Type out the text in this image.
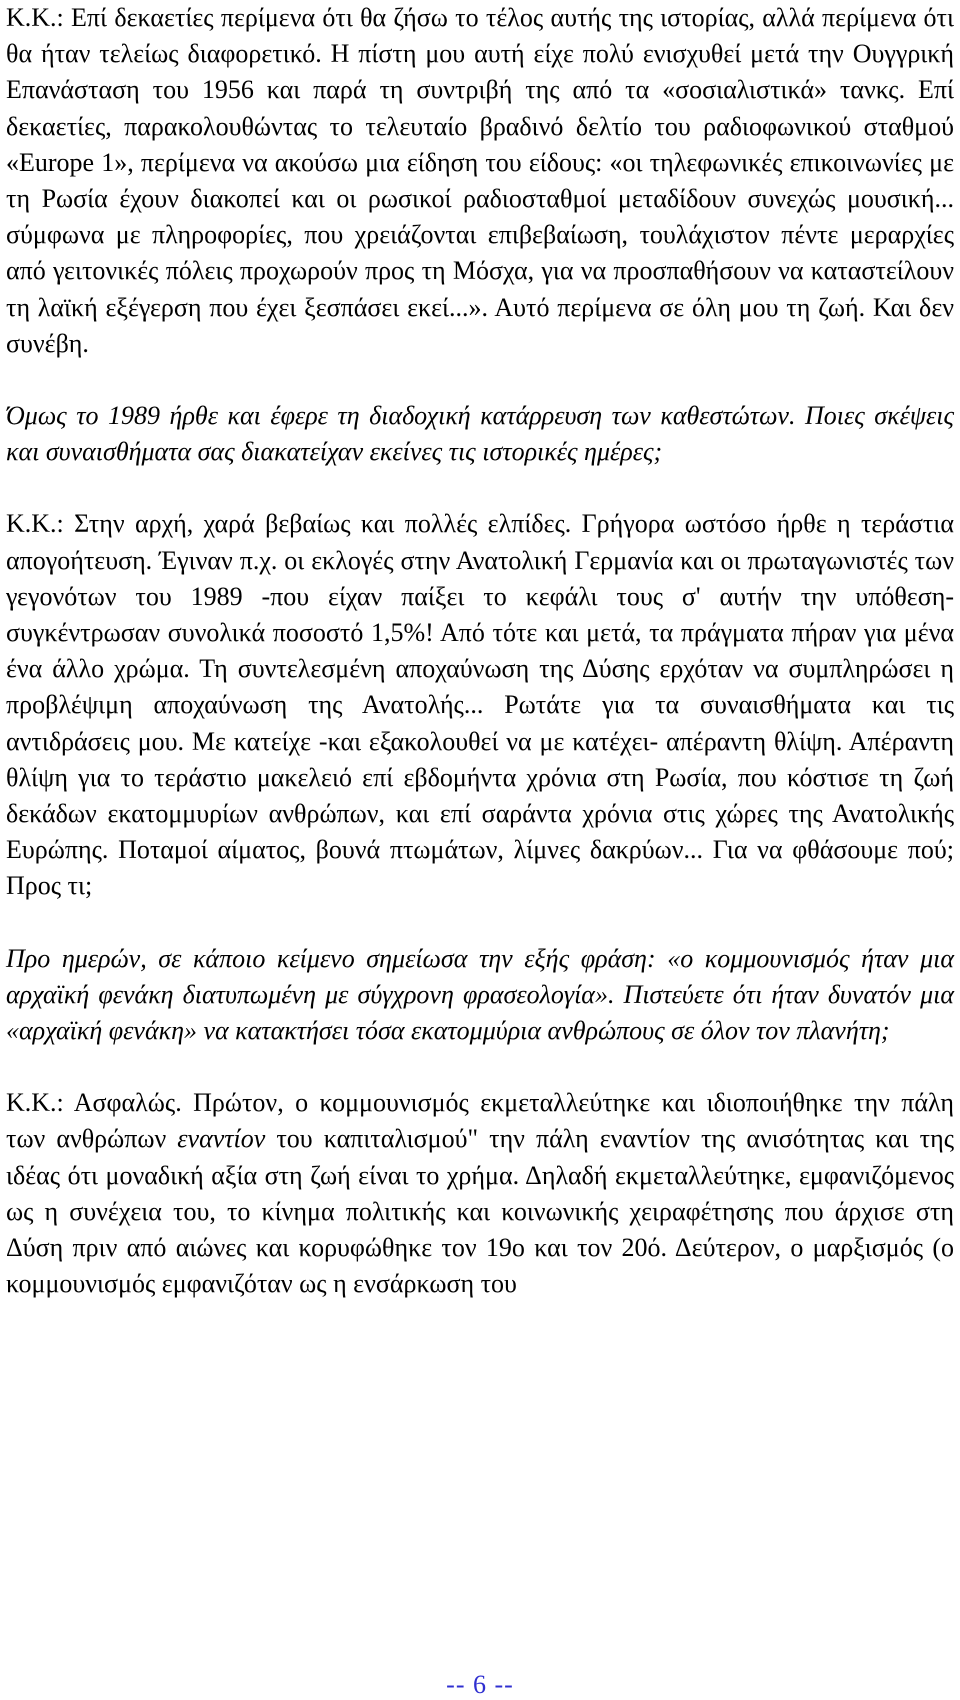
Κ.Κ.: Επί δεκαετίες περίμενα ότι θα ζήσω το τέλος αυτής της ιστορίας, αλλά περίμενα ότι θα ήταν τελείως διαφορετικό. Η πίστη μου αυτή είχε πολύ ενισχυθεί μετά την Ουγγρική Επανάσταση του 1956 και παρά τη συντριβή της από τα «σοσιαλιστικά» τανκς. Επί δεκαετίες, παρακολουθώντας το τελευταίο βραδινό δελτίο του ραδιοφωνικού σταθμού «Europe 1», περίμενα να ακούσω μια είδηση του είδους: «οι τηλεφωνικές επικοινωνίες με τη Ρωσία έχουν διακοπεί και οι ρωσικοί ραδιοσταθμοί μεταδίδουν συνεχώς μουσική... σύμφωνα με πληροφορίες, που χρειάζονται επιβεβαίωση, τουλάχιστον πέντε μεραρχίες από γειτονικές πόλεις προχωρούν προς τη Μόσχα, για να προσπαθήσουν να καταστείλουν τη λαϊκή εξέγερση που έχει ξεσπάσει εκεί...». Αυτό περίμενα σε όλη μου τη ζωή. Και δεν συνέβη.

Όμως το 1989 ήρθε και έφερε τη διαδοχική κατάρρευση των καθεστώτων. Ποιες σκέψεις και συναισθήματα σας διακατείχαν εκείνες τις ιστορικές ημέρες;

Κ.Κ.: Στην αρχή, χαρά βεβαίως και πολλές ελπίδες. Γρήγορα ωστόσο ήρθε η τεράστια απογοήτευση. Έγιναν π.χ. οι εκλογές στην Ανατολική Γερμανία και οι πρωταγωνιστές των γεγονότων του 1989 -που είχαν παίξει το κεφάλι τους σ' αυτήν την υπόθεση- συγκέντρωσαν συνολικά ποσοστό 1,5%! Από τότε και μετά, τα πράγματα πήραν για μένα ένα άλλο χρώμα. Τη συντελεσμένη αποχαύνωση της Δύσης ερχόταν να συμπληρώσει η προβλέψιμη αποχαύνωση της Ανατολής... Ρωτάτε για τα συναισθήματα και τις αντιδράσεις μου. Με κατείχε -και εξακολουθεί να με κατέχει- απέραντη θλίψη. Απέραντη θλίψη για το τεράστιο μακελειό επί εβδομήντα χρόνια στη Ρωσία, που κόστισε τη ζωή δεκάδων εκατομμυρίων ανθρώπων, και επί σαράντα χρόνια στις χώρες της Ανατολικής Ευρώπης. Ποταμοί αίματος, βουνά πτωμάτων, λίμνες δακρύων... Για να φθάσουμε πού; Προς τι;

Προ ημερών, σε κάποιο κείμενο σημείωσα την εξής φράση: «ο κομμουνισμός ήταν μια αρχαϊκή φενάκη διατυπωμένη με σύγχρονη φρασεολογία». Πιστεύετε ότι ήταν δυνατόν μια «αρχαϊκή φενάκη» να κατακτήσει τόσα εκατομμύρια ανθρώπους σε όλον τον πλανήτη;

Κ.Κ.: Ασφαλώς. Πρώτον, ο κομμουνισμός εκμεταλλεύτηκε και ιδιοποιήθηκε την πάλη των ανθρώπων εναντίον του καπιταλισμού" την πάλη εναντίον της ανισότητας και της ιδέας ότι μοναδική αξία στη ζωή είναι το χρήμα. Δηλαδή εκμεταλλεύτηκε, εμφανιζόμενος ως η συνέχεια του, το κίνημα πολιτικής και κοινωνικής χειραφέτησης που άρχισε στη Δύση πριν από αιώνες και κορυφώθηκε τον 19ο και τον 20ό. Δεύτερον, ο μαρξισμός (ο κομμουνισμός εμφανιζόταν ως η ενσάρκωση του

-- 6 --
